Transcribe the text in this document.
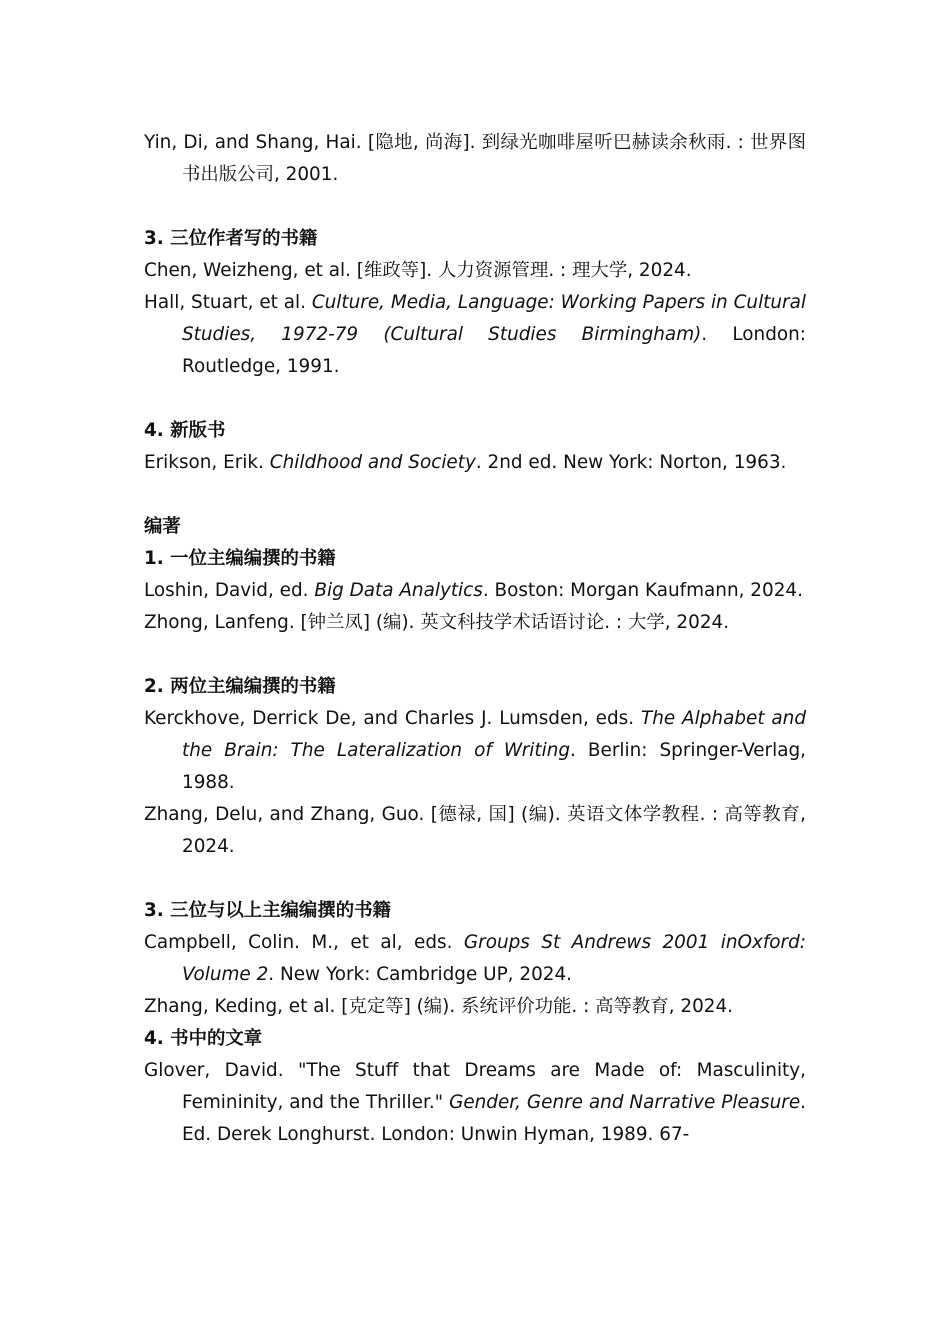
Yin, Di, and Shang, Hai. [隐地, 尚海]. 到绿光咖啡屋听巴赫读余秋雨. : 世界图书出版公司, 2001.

3. 三位作者写的书籍

Chen, Weizheng, et al. [维政等]. 人力资源管理. : 理大学, 2024.

Hall, Stuart, et al. Culture, Media, Language: Working Papers in Cultural Studies, 1972-79 (Cultural Studies Birmingham). London: Routledge, 1991.

4. 新版书

Erikson, Erik. Childhood and Society. 2nd ed. New York: Norton, 1963.

编著

1. 一位主编编撰的书籍

Loshin, David, ed. Big Data Analytics. Boston: Morgan Kaufmann, 2024.

Zhong, Lanfeng. [钟兰凤] (编). 英文科技学术话语讨论. : 大学, 2024.

2. 两位主编编撰的书籍

Kerckhove, Derrick De, and Charles J. Lumsden, eds. The Alphabet and the Brain: The Lateralization of Writing. Berlin: Springer-Verlag, 1988.

Zhang, Delu, and Zhang, Guo. [德禄, 国] (编). 英语文体学教程. : 高等教育, 2024.

3. 三位与以上主编编撰的书籍

Campbell, Colin. M., et al, eds. Groups St Andrews 2001 inOxford: Volume 2. New York: Cambridge UP, 2024.

Zhang, Keding, et al. [克定等] (编). 系统评价功能. : 高等教育, 2024.

4. 书中的文章

Glover, David. "The Stuff that Dreams are Made of: Masculinity, Femininity, and the Thriller." Gender, Genre and Narrative Pleasure. Ed. Derek Longhurst. London: Unwin Hyman, 1989. 67-
